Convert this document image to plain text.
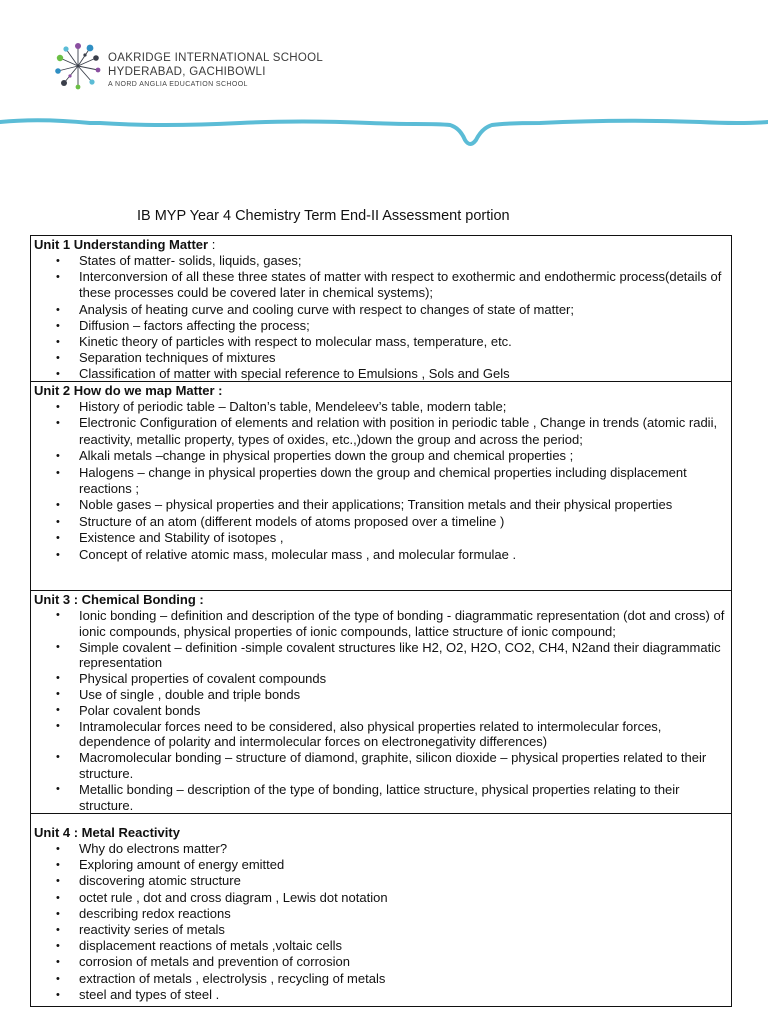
OAKRIDGE INTERNATIONAL SCHOOL
HYDERABAD, GACHIBOWLI
A NORD ANGLIA EDUCATION SCHOOL
IB MYP Year 4 Chemistry Term End-II Assessment portion
Unit 1 Understanding Matter :
• States of matter- solids, liquids, gases;
• Interconversion of all these three states of matter with respect to exothermic and endothermic process(details of these processes could be covered later in chemical systems);
• Analysis of heating curve and cooling curve with respect to changes of state of matter;
• Diffusion – factors affecting the process;
• Kinetic theory of particles with respect to molecular mass, temperature, etc.
• Separation techniques of mixtures
• Classification of matter with special reference to Emulsions , Sols and Gels
Unit 2 How do we map Matter :
• History of periodic table – Dalton’s table, Mendeleev’s table, modern table;
• Electronic Configuration of elements and relation with position in periodic table , Change in trends (atomic radii, reactivity, metallic property, types of oxides, etc.,)down the group and across the period;
• Alkali metals –change in physical properties down the group and chemical properties ;
• Halogens – change in physical properties down the group and chemical properties including displacement reactions ;
• Noble gases – physical properties and their applications; Transition metals and their physical properties
• Structure of an atom (different models of atoms proposed over a timeline )
• Existence and Stability of isotopes ,
• Concept of relative atomic mass, molecular mass , and molecular formulae .
Unit 3 : Chemical Bonding :
• Ionic bonding – definition and description of the type of bonding - diagrammatic representation (dot and cross) of ionic compounds, physical properties of ionic compounds, lattice structure of ionic compound;
• Simple covalent – definition -simple covalent structures like H2, O2, H2O, CO2, CH4, N2and their diagrammatic representation
• Physical properties of covalent compounds
• Use of single , double and triple bonds
• Polar covalent bonds
• Intramolecular forces need to be considered, also physical properties related to intermolecular forces, dependence of polarity and intermolecular forces on electronegativity differences)
• Macromolecular bonding – structure of diamond, graphite, silicon dioxide – physical properties related to their structure.
• Metallic bonding – description of the type of bonding, lattice structure, physical properties relating to their structure.
Unit 4 : Metal Reactivity
• Why do electrons matter?
• Exploring amount of energy emitted
• discovering atomic structure
• octet rule , dot and cross diagram , Lewis dot notation
• describing redox reactions
• reactivity series of metals
• displacement reactions of metals ,voltaic cells
• corrosion of metals and prevention of corrosion
• extraction of metals , electrolysis , recycling of metals
• steel and types of steel .
